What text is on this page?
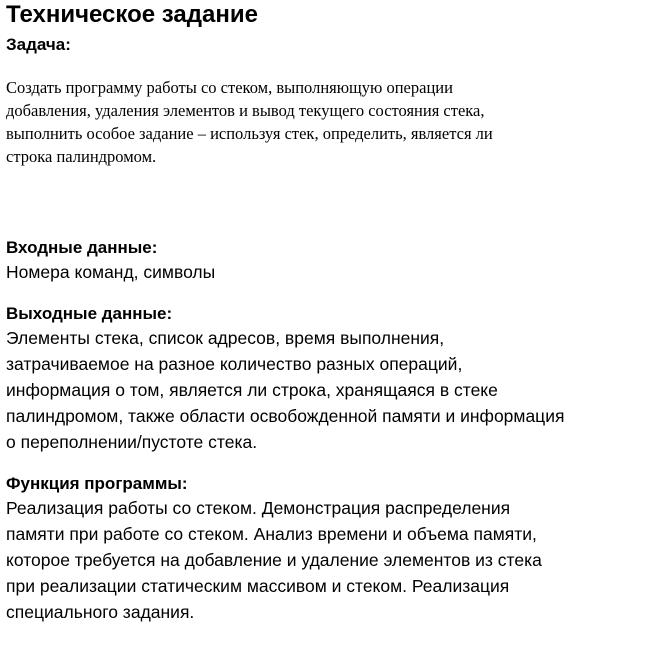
Техническое задание
Задача:
Создать программу работы со стеком, выполняющую операции
добавления, удаления элементов и вывод текущего состояния стека,
выполнить особое задание – используя стек, определить, является ли
строка палиндромом.
Входные данные:
Номера команд, символы
Выходные данные:
Элементы стека, список адресов, время выполнения,
затрачиваемое на разное количество разных операций,
информация о том, является ли строка, хранящаяся в стеке
палиндромом, также области освобожденной памяти и информация
о переполнении/пустоте стека.
Функция программы:
Реализация работы со стеком. Демонстрация распределения
памяти при работе со стеком. Анализ времени и объема памяти,
которое требуется на добавление и удаление элементов из стека
при реализации статическим массивом и стеком. Реализация
специального задания.
